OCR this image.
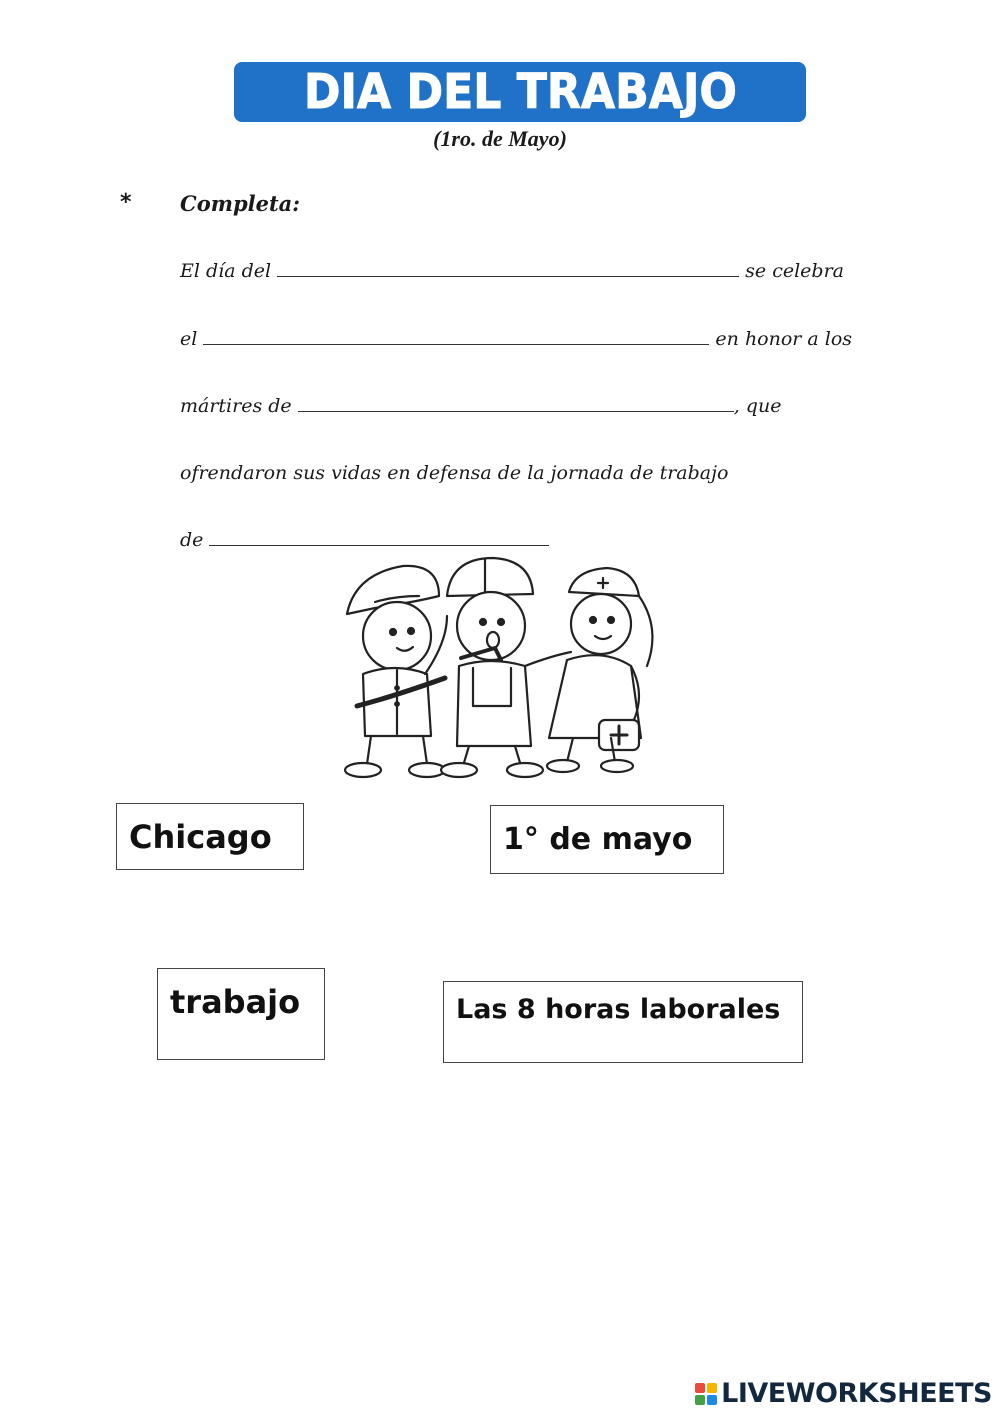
DIA DEL TRABAJO
(1ro. de Mayo)
* Completa:
El día del	se celebra
el	en honor a los
mártires de	, que
ofrendaron sus vidas en defensa de la jornada de trabajo
de
Chicago	1° de mayo
trabajo	Las 8 horas laborales
LIVEWORKSHEETS
